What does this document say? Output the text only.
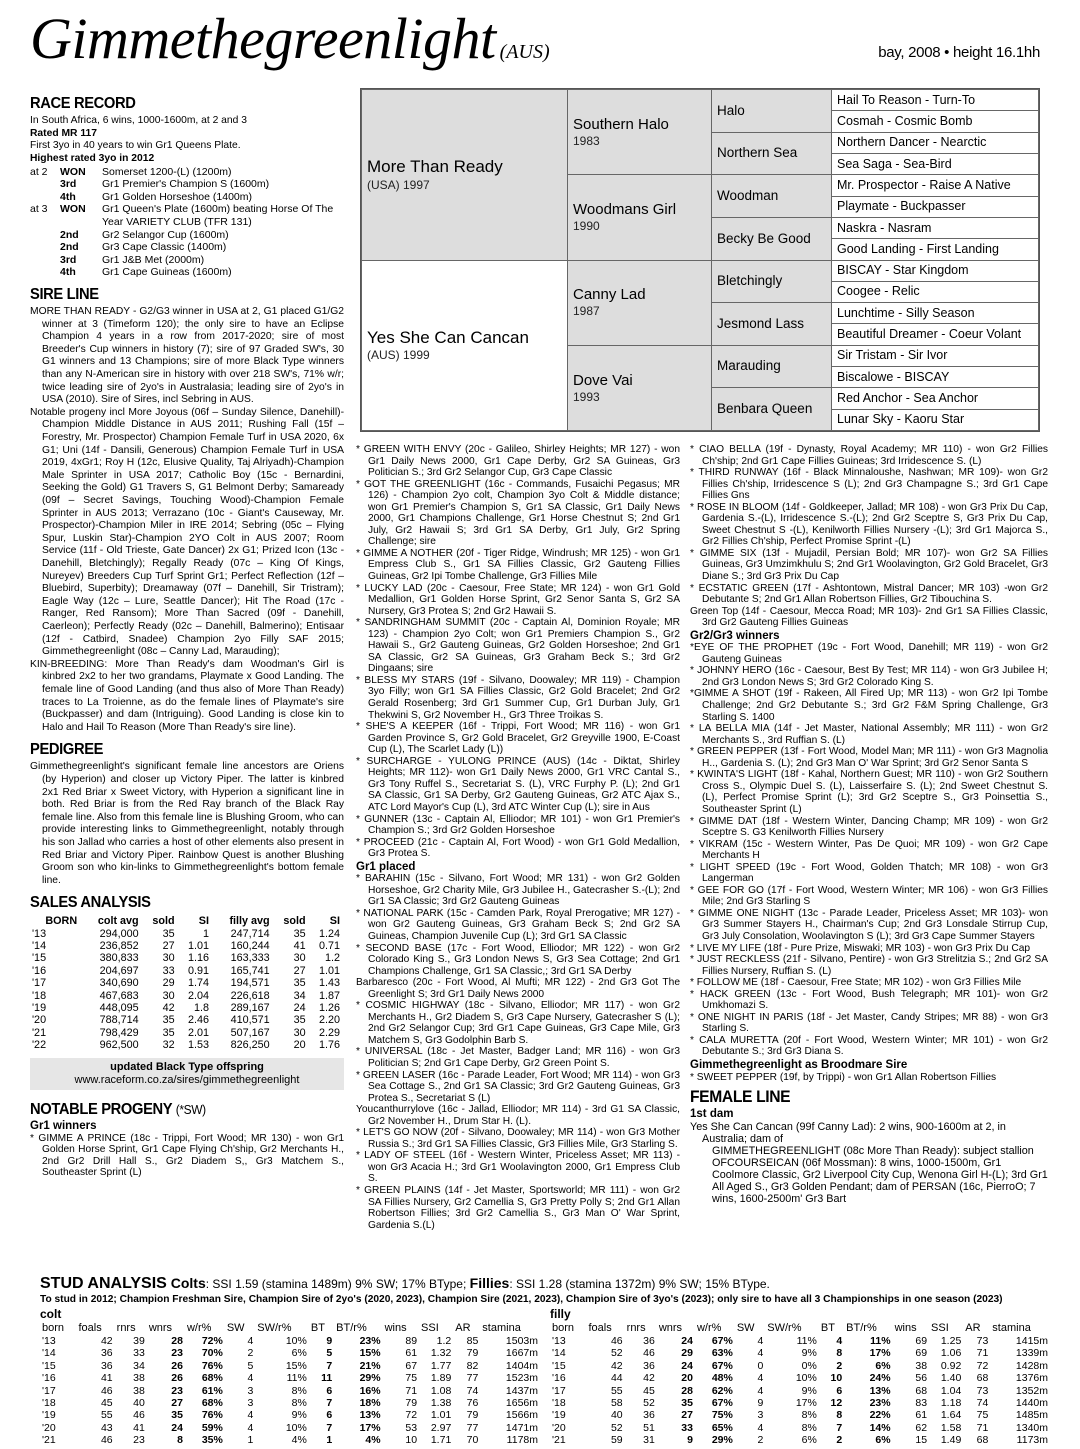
Gimmethegreenlight (AUS)	bay, 2008 • height 16.1hh
RACE RECORD

In South Africa, 6 wins, 1000-1600m, at 2 and 3

Rated MR 117

First 3yo in 40 years to win Gr1 Queens Plate.

Highest rated 3yo in 2012

at 2	WON	Somerset 1200-(L) (1200m)
	3rd	Gr1 Premier's Champion S (1600m)
	4th	Gr1 Golden Horseshoe (1400m)
at 3	WON	Gr1 Queen's Plate (1600m) beating Horse Of The Year VARIETY CLUB (TFR 131)
	2nd	Gr2 Selangor Cup (1600m)
	2nd	Gr3 Cape Classic (1400m)
	3rd	Gr1 J&B Met (2000m)
	4th	Gr1 Cape Guineas (1600m)
SIRE LINE

MORE THAN READY - G2/G3 winner in USA at 2, G1 placed G1/G2 winner at 3 (Timeform 120); the only sire to have an Eclipse Champion 4 years in a row from 2017-2020; sire of most Breeder's Cup winners in history (7); sire of 97 Graded SW's, 30 G1 winners and 13 Champions; sire of more Black Type winners than any N-American sire in history with over 218 SW's, 71% w/r; twice leading sire of 2yo's in Australasia; leading sire of 2yo's in USA (2010). Sire of Sires, incl Sebring in AUS.

Notable progeny incl More Joyous (06f – Sunday Silence, Danehill)-Champion Middle Distance in AUS 2011; Rushing Fall (15f – Forestry, Mr. Prospector) Champion Female Turf in USA 2020, 6x G1; Uni (14f - Dansili, Generous) Champion Female Turf in USA 2019, 4xGr1; Roy H (12c, Elusive Quality, Taj Alriyadh)-Champion Male Sprinter in USA 2017; Catholic Boy (15c - Bernardini, Seeking the Gold) G1 Travers S, G1 Belmont Derby; Samaready (09f – Secret Savings, Touching Wood)-Champion Female Sprinter in AUS 2013; Verrazano (10c - Giant's Causeway, Mr. Prospector)-Champion Miler in IRE 2014; Sebring (05c – Flying Spur, Luskin Star)-Champion 2YO Colt in AUS 2007; Room Service (11f - Old Trieste, Gate Dancer) 2x G1; Prized Icon (13c - Danehill, Bletchingly); Regally Ready (07c – King Of Kings, Nureyev) Breeders Cup Turf Sprint Gr1; Perfect Reflection (12f – Bluebird, Superbity); Dreamaway (07f – Danehill, Sir Tristram); Eagle Way (12c – Lure, Seattle Dancer); Hit The Road (17c - Ranger, Red Ransom); More Than Sacred (09f - Danehill, Caerleon); Perfectly Ready (02c – Danehill, Balmerino); Entisaar (12f - Catbird, Snadee) Champion 2yo Filly SAF 2015; Gimmethegreenlight (08c – Canny Lad, Marauding);

KIN-BREEDING: More Than Ready's dam Woodman's Girl is kinbred 2x2 to her two grandams, Playmate x Good Landing. The female line of Good Landing (and thus also of More Than Ready) traces to La Troienne, as do the female lines of Playmate's sire (Buckpasser) and dam (Intriguing). Good Landing is close kin to Halo and Hail To Reason (More Than Ready's sire line).

PEDIGREE

Gimmethegreenlight's significant female line ancestors are Oriens (by Hyperion) and closer up Victory Piper. The latter is kinbred 2x1 Red Briar x Sweet Victory, with Hyperion a significant line in both. Red Briar is from the Red Ray branch of the Black Ray female line. Also from this female line is Blushing Groom, who can provide interesting links to Gimmethegreenlight, notably through his son Jallad who carries a host of other elements also present in Red Briar and Victory Piper. Rainbow Quest is another Blushing Groom son who kin-links to Gimmethegreenlight's bottom female line.

SALES ANALYSIS
BORN	colt avg	sold	SI	filly avg	sold	SI
'13	294,000	35	1	247,714	35	1.24
'14	236,852	27	1.01	160,244	41	0.71
'15	380,833	30	1.16	163,333	30	1.2
'16	204,697	33	0.91	165,741	27	1.01
'17	340,690	29	1.74	194,571	35	1.43
'18	467,683	30	2.04	226,618	34	1.87
'19	448,095	42	1.8	289,167	24	1.26
'20	788,714	35	2.46	410,571	35	2.20
'21	798,429	35	2.01	507,167	30	2.29
'22	962,500	32	1.53	826,250	20	1.76
updated Black Type offspring
www.raceform.co.za/sires/gimmethegreenlight
NOTABLE PROGENY (*SW)

Gr1 winners

* GIMME A PRINCE (18c - Trippi, Fort Wood; MR 130) - won Gr1 Golden Horse Sprint, Gr1 Cape Flying Ch'ship, Gr2 Merchants H., 2nd Gr2 Drill Hall S., Gr2 Diadem S,, Gr3 Matchem S., Southeaster Sprint (L)

More Than Ready
(USA) 1997	Southern Halo
1983	Halo	Hail To Reason - Turn-To
			Cosmah - Cosmic Bomb
		Northern Sea	Northern Dancer - Nearctic
			Sea Saga - Sea-Bird
	Woodmans Girl
1990	Woodman	Mr. Prospector - Raise A Native
			Playmate - Buckpasser
		Becky Be Good	Naskra - Nasram
			Good Landing - First Landing
Yes She Can Cancan
(AUS) 1999	Canny Lad
1987	Bletchingly	BISCAY - Star Kingdom
			Coogee - Relic
		Jesmond Lass	Lunchtime - Silly Season
			Beautiful Dreamer - Coeur Volant
	Dove Vai
1993	Marauding	Sir Tristam - Sir Ivor
			Biscalowe - BISCAY
		Benbara Queen	Red Anchor - Sea Anchor
			Lunar Sky - Kaoru Star

* GREEN WITH ENVY (20c - Galileo, Shirley Heights; MR 127) - won Gr1 Daily News 2000, Gr1 Cape Derby, Gr2 SA Guineas, Gr3 Politician S.; 3rd Gr2 Selangor Cup, Gr3 Cape Classic

* GOT THE GREENLIGHT (16c - Commands, Fusaichi Pegasus; MR 126) - Champion 2yo colt, Champion 3yo Colt & Middle distance; won Gr1 Premier's Champion S, Gr1 SA Classic, Gr1 Daily News 2000, Gr1 Champions Challenge, Gr1 Horse Chestnut S; 2nd Gr1 July, Gr2 Hawaii S; 3rd Gr1 SA Derby, Gr1 July, Gr2 Spring Challenge; sire

* GIMME A NOTHER (20f - Tiger Ridge, Windrush; MR 125) - won Gr1 Empress Club S., Gr1 SA Fillies Classic, Gr2 Gauteng Fillies Guineas, Gr2 Ipi Tombe Challenge, Gr3 Fillies Mile

* LUCKY LAD (20c - Caesour, Free State; MR 124) - won Gr1 Gold Medallion, Gr1 Golden Horse Sprint, Gr2 Senor Santa S, Gr2 SA Nursery, Gr3 Protea S; 2nd Gr2 Hawaii S.

* SANDRINGHAM SUMMIT (20c - Captain Al, Dominion Royale; MR 123) - Champion 2yo Colt; won Gr1 Premiers Champion S., Gr2 Hawaii S., Gr2 Gauteng Guineas, Gr2 Golden Horseshoe; 2nd Gr1 SA Classic, Gr2 SA Guineas, Gr3 Graham Beck S.; 3rd Gr2 Dingaans; sire

* BLESS MY STARS (19f - Silvano, Doowaley; MR 119) - Champion 3yo Filly; won Gr1 SA Fillies Classic, Gr2 Gold Bracelet; 2nd Gr2 Gerald Rosenberg; 3rd Gr1 Summer Cup, Gr1 Durban July, Gr1 Thekwini S, Gr2 November H., Gr3 Three Troikas S.

* SHE'S A KEEPER (16f - Trippi, Fort Wood; MR 116) - won Gr1 Garden Province S, Gr2 Gold Bracelet, Gr2 Greyville 1900, E-Coast Cup (L), The Scarlet Lady (L))

* SURCHARGE - YULONG PRINCE (AUS) (14c - Diktat, Shirley Heights; MR 112)- won Gr1 Daily News 2000, Gr1 VRC Cantal S., Gr3 Tony Ruffel S., Secretariat S. (L), VRC Furphy P. (L); 2nd Gr1 SA Classic, Gr1 SA Derby, Gr2 Gauteng Guineas, Gr2 ATC Ajax S., ATC Lord Mayor's Cup (L), 3rd ATC Winter Cup (L); sire in Aus

* GUNNER (13c - Captain Al, Elliodor; MR 101) - won Gr1 Premier's Champion S.; 3rd Gr2 Golden Horseshoe

* PROCEED (21c - Captain Al, Fort Wood) - won Gr1 Gold Medallion, Gr3 Protea S.

Gr1 placed

* BARAHIN (15c - Silvano, Fort Wood; MR 131) - won Gr2 Golden Horseshoe, Gr2 Charity Mile, Gr3 Jubilee H., Gatecrasher S.-(L); 2nd Gr1 SA Classic; 3rd Gr2 Gauteng Guineas

* NATIONAL PARK (15c - Camden Park, Royal Prerogative; MR 127) - won Gr2 Gauteng Guineas, Gr3 Graham Beck S; 2nd Gr2 SA Guineas, Champion Juvenile Cup (L); 3rd Gr1 SA Classic

* SECOND BASE (17c - Fort Wood, Elliodor; MR 122) - won Gr2 Colorado King S., Gr3 London News S, Gr3 Sea Cottage; 2nd Gr1 Champions Challenge, Gr1 SA Classic,; 3rd Gr1 SA Derby

Barbaresco (20c - Fort Wood, Al Mufti; MR 122) - 2nd Gr3 Got The Greenlight S; 3rd Gr1 Daily News 2000

* COSMIC HIGHWAY (18c - Silvano, Elliodor; MR 117) - won Gr2 Merchants H., Gr2 Diadem S, Gr3 Cape Nursery, Gatecrasher S (L); 2nd Gr2 Selangor Cup; 3rd Gr1 Cape Guineas, Gr3 Cape Mile, Gr3 Matchem S, Gr3 Godolphin Barb S.

* UNIVERSAL (18c - Jet Master, Badger Land; MR 116) - won Gr3 Politician S; 2nd Gr1 Cape Derby, Gr2 Green Point S.

* GREEN LASER (16c - Parade Leader, Fort Wood; MR 114) - won Gr3 Sea Cottage S., 2nd Gr1 SA Classic; 3rd Gr2 Gauteng Guineas, Gr3 Protea S., Secretariat S (L)

Youcanthurrylove (16c - Jallad, Elliodor; MR 114) - 3rd G1 SA Classic, Gr2 November H., Drum Star H. (L).

* LET'S GO NOW (20f - Silvano, Doowaley; MR 114) - won Gr3 Mother Russia S.; 3rd Gr1 SA Fillies Classic, Gr3 Fillies Mile, Gr3 Starling S.

* LADY OF STEEL (16f - Western Winter, Priceless Asset; MR 113) - won Gr3 Acacia H.; 3rd Gr1 Woolavington 2000, Gr1 Empress Club S.

* GREEN PLAINS (14f - Jet Master, Sportsworld; MR 111) - won Gr2 SA Fillies Nursery, Gr2 Camellia S, Gr3 Pretty Polly S; 2nd Gr1 Allan Robertson Fillies; 3rd Gr2 Camellia S., Gr3 Man O' War Sprint, Gardenia S.(L)

* CIAO BELLA (19f - Dynasty, Royal Academy; MR 110) - won Gr2 Fillies Ch'ship; 2nd Gr1 Cape Fillies Guineas; 3rd Irridescence S. (L)

* THIRD RUNWAY (16f - Black Minnaloushe, Nashwan; MR 109)- won Gr2 Fillies Ch'ship, Irridescence S (L); 2nd Gr3 Champagne S.; 3rd Gr1 Cape Fillies Gns

* ROSE IN BLOOM (14f - Goldkeeper, Jallad; MR 108) - won Gr3 Prix Du Cap, Gardenia S.-(L), Irridescence S.-(L); 2nd Gr2 Sceptre S, Gr3 Prix Du Cap, Sweet Chestnut S -(L), Kenilworth Fillies Nursery -(L); 3rd Gr1 Majorca S., Gr2 Fillies Ch'ship, Perfect Promise Sprint -(L)

* GIMME SIX (13f - Mujadil, Persian Bold; MR 107)- won Gr2 SA Fillies Guineas, Gr3 Umzimkhulu S; 2nd Gr1 Woolavington, Gr2 Gold Bracelet, Gr3 Diane S.; 3rd Gr3 Prix Du Cap

* ECSTATIC GREEN (17f - Ashtontown, Mistral Dancer; MR 103) -won Gr2 Debutante S; 2nd Gr1 Allan Robertson Fillies, Gr2 Tibouchina S.

Green Top (14f - Caesour, Mecca Road; MR 103)- 2nd Gr1 SA Fillies Classic, 3rd Gr2 Gauteng Fillies Guineas

Gr2/Gr3 winners

*EYE OF THE PROPHET (19c - Fort Wood, Danehill; MR 119) - won Gr2 Gauteng Guineas

* JOHNNY HERO (16c - Caesour, Best By Test; MR 114) - won Gr3 Jubilee H; 2nd Gr3 London News S; 3rd Gr2 Colorado King S.

*GIMME A SHOT (19f - Rakeen, All Fired Up; MR 113) - won Gr2 Ipi Tombe Challenge; 2nd Gr2 Debutante S.; 3rd Gr2 F&M Spring Challenge, Gr3 Starling S. 1400

* LA BELLA MIA (14f - Jet Master, National Assembly; MR 111) - won Gr2 Merchants S., 3rd Ruffian S. (L)

* GREEN PEPPER (13f - Fort Wood, Model Man; MR 111) - won Gr3 Magnolia H.., Gardenia S. (L); 2nd Gr3 Man O' War Sprint; 3rd Gr2 Senor Santa S

* KWINTA'S LIGHT (18f - Kahal, Northern Guest; MR 110) - won Gr2 Southern Cross S., Olympic Duel S. (L), Laisserfaire S. (L); 2nd Sweet Chestnut S. (L), Perfect Promise Sprint (L); 3rd Gr2 Sceptre S., Gr3 Poinsettia S., Southeaster Sprint (L)

* GIMME DAT (18f - Western Winter, Dancing Champ; MR 109) - won Gr2 Sceptre S. G3 Kenilworth Fillies Nursery

* VIKRAM (15c - Western Winter, Pas De Quoi; MR 109) - won Gr2 Cape Merchants H

* LIGHT SPEED (19c - Fort Wood, Golden Thatch; MR 108) - won Gr3 Langerman

* GEE FOR GO (17f - Fort Wood, Western Winter; MR 106) - won Gr3 Fillies Mile; 2nd Gr3 Starling S

* GIMME ONE NIGHT (13c - Parade Leader, Priceless Asset; MR 103)- won Gr3 Summer Stayers H., Chairman's Cup; 2nd Gr3 Lonsdale Stirrup Cup, Gr3 July Consolation, Woolavington S (L); 3rd Gr3 Cape Summer Stayers

* LIVE MY LIFE (18f - Pure Prize, Miswaki; MR 103) - won Gr3 Prix Du Cap

* JUST RECKLESS (21f - Silvano, Pentire) - won Gr3 Strelitzia S.; 2nd Gr2 SA Fillies Nursery, Ruffian S. (L)

* FOLLOW ME (18f - Caesour, Free State; MR 102) - won Gr3 Fillies Mile

* HACK GREEN (13c - Fort Wood, Bush Telegraph; MR 101)- won Gr2 Umkhomazi S.

* ONE NIGHT IN PARIS (18f - Jet Master, Candy Stripes; MR 88) - won Gr3 Starling S.

* CALA MURETTA (20f - Fort Wood, Western Winter; MR 101) - won Gr2 Debutante S.; 3rd Gr3 Diana S.

Gimmethegreenlight as Broodmare Sire

* SWEET PEPPER (19f, by Trippi) - won Gr1 Allan Robertson Fillies

FEMALE LINE

1st dam

Yes She Can Cancan (99f Canny Lad): 2 wins, 900-1600m at 2, in Australia; dam of

GIMMETHEGREENLIGHT (08c More Than Ready): subject stallion

OFCOURSEICAN (06f Mossman): 8 wins, 1000-1500m, Gr1 Coolmore Classic, Gr2 Liverpool City Cup, Wenona Girl H-(L); 3rd Gr1 All Aged S., Gr3 Golden Pendant; dam of PERSAN (16c, PierroO; 7 wins, 1600-2500m' Gr3 Bart

STUD ANALYSIS Colts: SSI 1.59 (stamina 1489m) 9% SW; 17% BType; Fillies: SSI 1.28 (stamina 1372m) 9% SW; 15% BType.
To stud in 2012; Champion Freshman Sire, Champion Sire of 2yo's (2020, 2023), Champion Sire (2021, 2023), Champion Sire of 3yo's (2023); only sire to have all 3 Championships in one season (2023)
colt
born	foals	rnrs	wnrs	w/r%	SW	SW/r%	BT	BT/r%	wins	SSI	AR	stamina
'13	42	39	28	72%	4	10%	9	23%	89	1.2	85	1503m
'14	36	33	23	70%	2	6%	5	15%	61	1.32	79	1667m
'15	36	34	26	76%	5	15%	7	21%	67	1.77	82	1404m
'16	41	38	26	68%	4	11%	11	29%	75	1.89	77	1523m
'17	46	38	23	61%	3	8%	6	16%	71	1.08	74	1437m
'18	45	40	27	68%	3	8%	7	18%	79	1.38	76	1656m
'19	55	46	35	76%	4	9%	6	13%	72	1.01	79	1566m
'20	43	41	24	59%	4	10%	7	17%	53	2.97	77	1471m
'21	46	23	8	35%	1	4%	1	4%	10	1.71	70	1178m
filly
born	foals	rnrs	wnrs	w/r%	SW	SW/r%	BT	BT/r%	wins	SSI	AR	stamina
'13	46	36	24	67%	4	11%	4	11%	69	1.25	73	1415m
'14	52	46	29	63%	4	9%	8	17%	69	1.06	71	1339m
'15	42	36	24	67%	0	0%	2	6%	38	0.92	72	1428m
'16	44	42	20	48%	4	10%	10	24%	56	1.40	68	1376m
'17	55	45	28	62%	4	9%	6	13%	68	1.04	73	1352m
'18	58	52	35	67%	9	17%	12	23%	83	1.18	74	1440m
'19	40	36	27	75%	3	8%	8	22%	61	1.64	75	1485m
'20	52	51	33	65%	4	8%	7	14%	62	1.58	71	1340m
'21	59	31	9	29%	2	6%	2	6%	15	1.49	68	1173m
